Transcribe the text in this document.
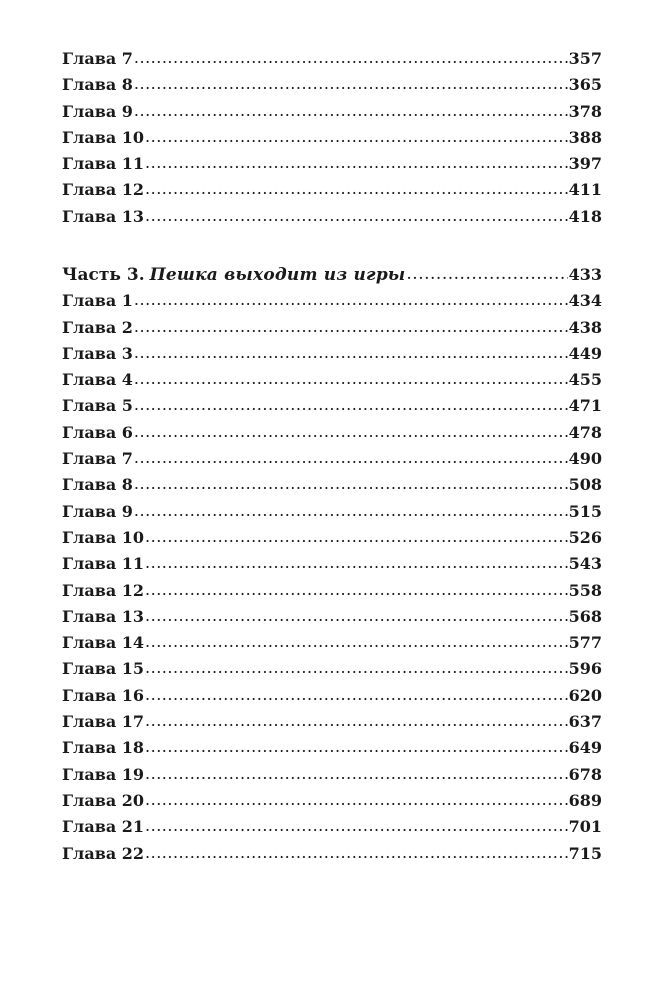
Глава 7 .....	357
Глава 8 .....	365
Глава 9 .....	378
Глава 10 .....	388
Глава 11 .....	397
Глава 12 .....	411
Глава 13 .....	418
Часть 3. Пешка выходит из игры .....	433
Глава 1 .....	434
Глава 2 .....	438
Глава 3 .....	449
Глава 4 .....	455
Глава 5 .....	471
Глава 6 .....	478
Глава 7 .....	490
Глава 8 .....	508
Глава 9 .....	515
Глава 10 .....	526
Глава 11 .....	543
Глава 12 .....	558
Глава 13 .....	568
Глава 14 .....	577
Глава 15 .....	596
Глава 16 .....	620
Глава 17 .....	637
Глава 18 .....	649
Глава 19 .....	678
Глава 20 .....	689
Глава 21 .....	701
Глава 22 .....	715
